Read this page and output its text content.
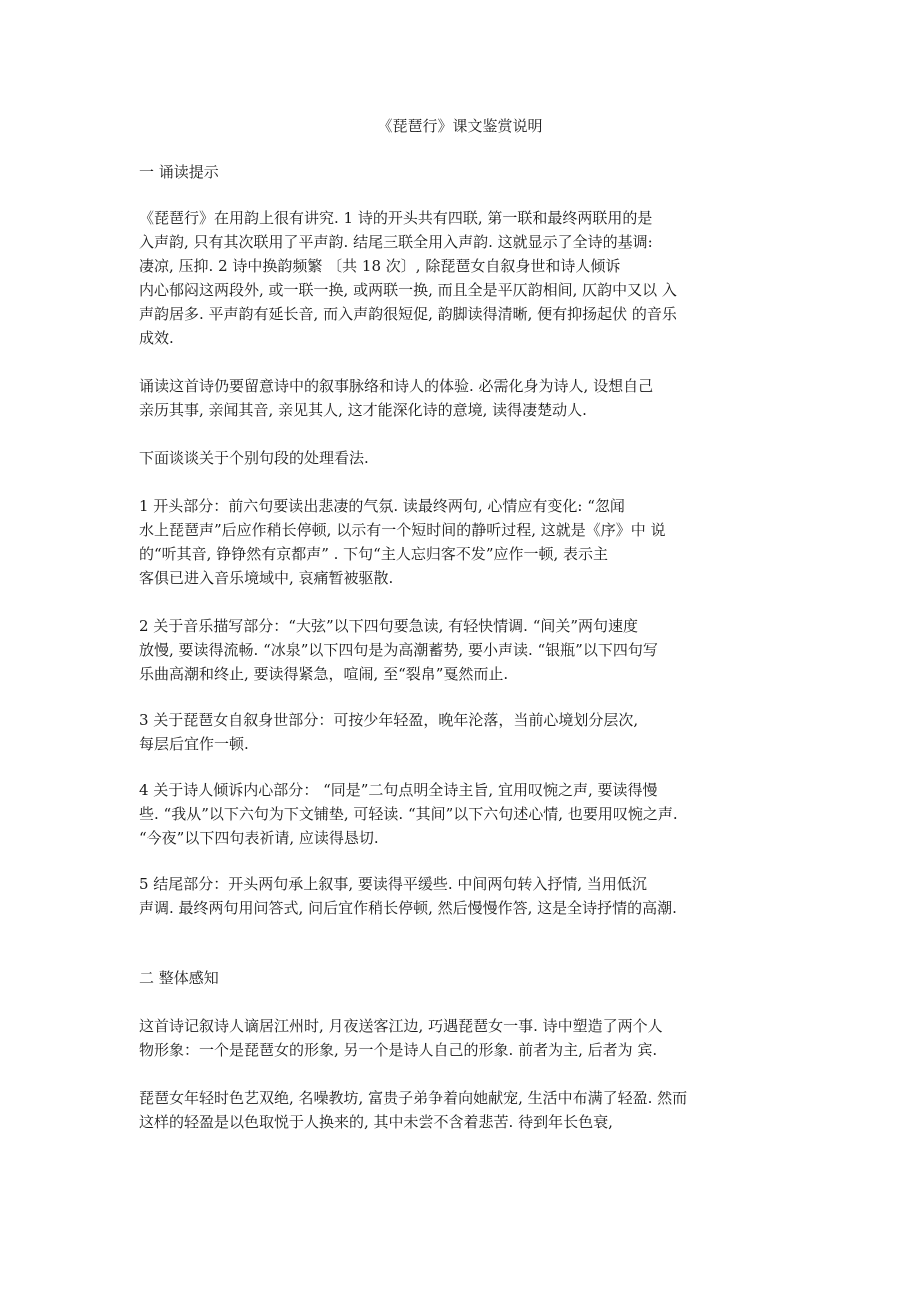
《琵琶行》课文鉴赏说明
一 诵读提示
《琵琶行》在用韵上很有讲究. 1 诗的开头共有四联, 第一联和最终两联用的是
入声韵, 只有其次联用了平声韵. 结尾三联全用入声韵. 这就显示了全诗的基调:
凄凉, 压抑. 2 诗中换韵频繁 〔共 18 次〕, 除琵琶女自叙身世和诗人倾诉
内心郁闷这两段外, 或一联一换, 或两联一换, 而且全是平仄韵相间, 仄韵中又以 入
声韵居多. 平声韵有延长音, 而入声韵很短促, 韵脚读得清晰, 便有抑扬起伏 的音乐
成效.
诵读这首诗仍要留意诗中的叙事脉络和诗人的体验. 必需化身为诗人, 设想自己
亲历其事, 亲闻其音, 亲见其人, 这才能深化诗的意境, 读得凄楚动人.
下面谈谈关于个别句段的处理看法.
1 开头部分：前六句要读出悲凄的气氛. 读最终两句, 心情应有变化: “忽闻
水上琵琶声”后应作稍长停顿, 以示有一个短时间的静听过程, 这就是《序》中 说
的“听其音, 铮铮然有京都声” . 下句“主人忘归客不发”应作一顿, 表示主
客俱已进入音乐境域中, 哀痛暂被驱散.
2 关于音乐描写部分：“大弦”以下四句要急读, 有轻快情调. “间关”两句速度
放慢, 要读得流畅. “冰泉”以下四句是为高潮蓄势, 要小声读. “银瓶”以下四句写
乐曲高潮和终止, 要读得紧急，喧闹, 至“裂帛”戛然而止.
3 关于琵琶女自叙身世部分：可按少年轻盈，晚年沦落，当前心境划分层次,
每层后宜作一顿.
4 关于诗人倾诉内心部分： “同是”二句点明全诗主旨, 宜用叹惋之声, 要读得慢
些. “我从”以下六句为下文铺垫, 可轻读. “其间”以下六句述心情, 也要用叹惋之声.
“今夜”以下四句表祈请, 应读得恳切.
5 结尾部分：开头两句承上叙事, 要读得平缓些. 中间两句转入抒情, 当用低沉
声调. 最终两句用问答式, 问后宜作稍长停顿, 然后慢慢作答, 这是全诗抒情的高潮.
二 整体感知
这首诗记叙诗人谪居江州时, 月夜送客江边, 巧遇琵琶女一事. 诗中塑造了两个人
物形象：一个是琵琶女的形象, 另一个是诗人自己的形象. 前者为主, 后者为 宾.
琵琶女年轻时色艺双绝, 名噪教坊, 富贵子弟争着向她献宠, 生活中布满了轻盈. 然而
这样的轻盈是以色取悦于人换来的, 其中未尝不含着悲苦. 待到年长色衰,
